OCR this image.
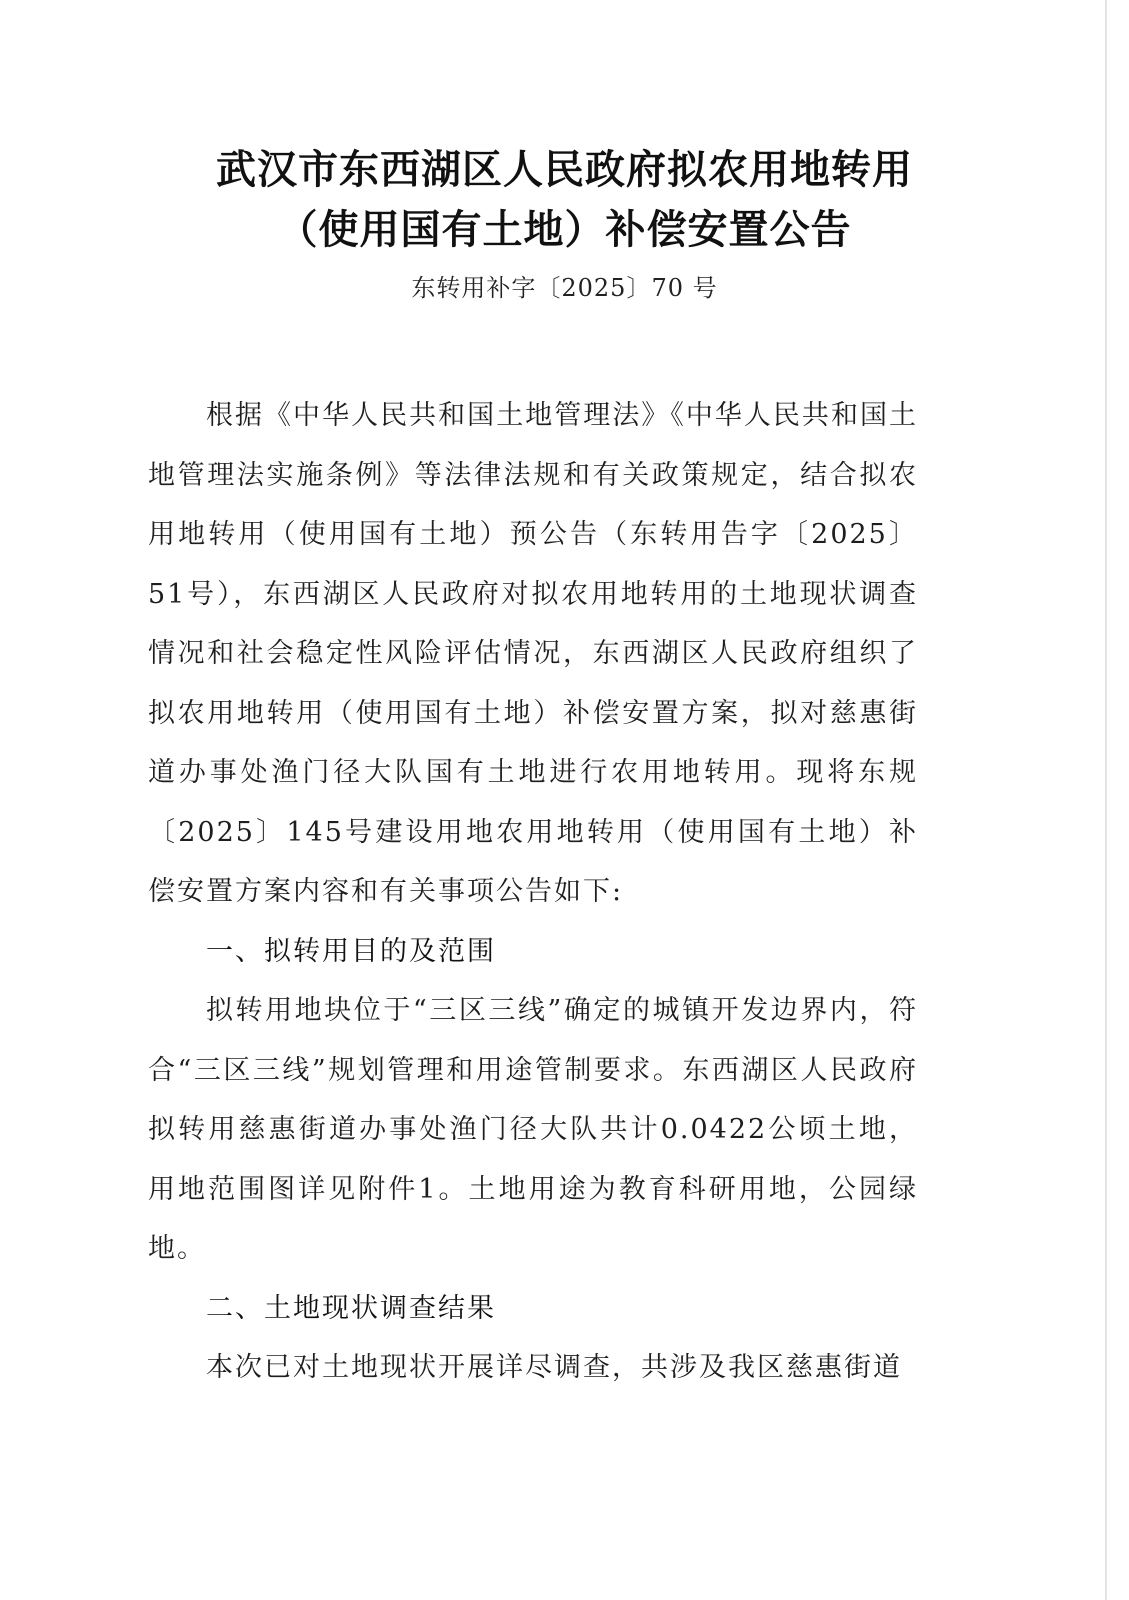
武汉市东西湖区人民政府拟农用地转用
（使用国有土地）补偿安置公告
东转用补字〔2025〕70 号

根据《中华人民共和国土地管理法》《中华人民共和国土地管理法实施条例》等法律法规和有关政策规定，结合拟农用地转用（使用国有土地）预公告（东转用告字〔2025〕51号），东西湖区人民政府对拟农用地转用的土地现状调查情况和社会稳定性风险评估情况，东西湖区人民政府组织了拟农用地转用（使用国有土地）补偿安置方案，拟对慈惠街道办事处渔门径大队国有土地进行农用地转用。现将东规〔2025〕145号建设用地农用地转用（使用国有土地）补偿安置方案内容和有关事项公告如下:

一、拟转用目的及范围

拟转用地块位于“三区三线”确定的城镇开发边界内，符合“三区三线”规划管理和用途管制要求。东西湖区人民政府拟转用慈惠街道办事处渔门径大队共计0.0422公顷土地，用地范围图详见附件1。土地用途为教育科研用地，公园绿地。

二、土地现状调查结果

本次已对土地现状开展详尽调查，共涉及我区慈惠街道
